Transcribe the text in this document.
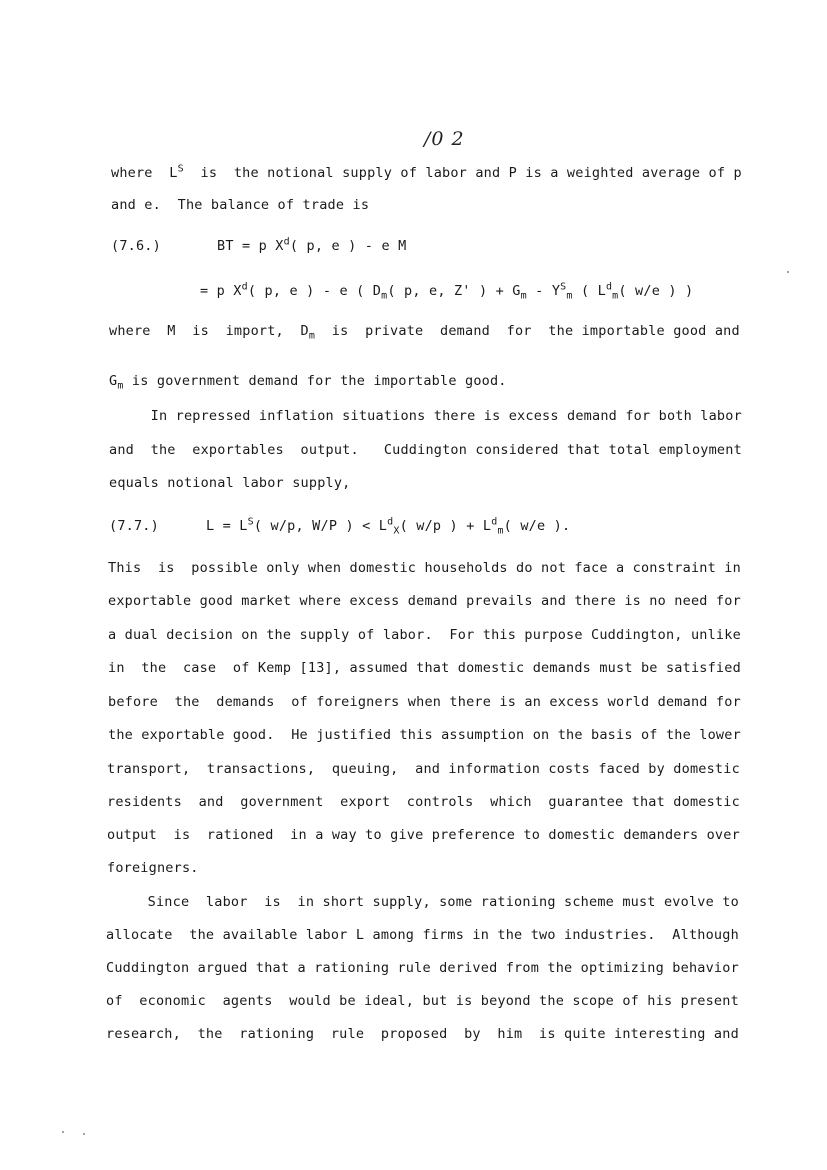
/0 2
where  $L^S$  is  the notional supply of labor and P is a weighted average of p
and e.  The balance of trade is
(7.6.)	BT = p $X^d$( p, e ) - e M
= p $X^d$( p, e ) - e ( $D_m$( p, e, Z' ) + $G_m - Y^S_m$ ( $L^d_m$( w/e ) )
where  M  is  import,  $D_m$  is  private  demand  for  the importable good and
$G_m$ is government demand for the importable good.
In repressed inflation situations there is excess demand for both labor
and  the  exportables  output.   Cuddington considered that total employment
equals notional labor supply,
(7.7.)	$L = L^S$( w/p, W/P ) < $L^d_X$( w/p ) + $L^d_m$( w/e ).
This  is  possible only when domestic households do not face a constraint in
exportable good market where excess demand prevails and there is no need for
a dual decision on the supply of labor.  For this purpose Cuddington, unlike
in  the  case  of Kemp [13], assumed that domestic demands must be satisfied
before  the  demands  of foreigners when there is an excess world demand for
the exportable good.  He justified this assumption on the basis of the lower
transport,  transactions,  queuing,  and information costs faced by domestic
residents  and  government  export  controls  which  guarantee that domestic
output  is  rationed  in a way to give preference to domestic demanders over
foreigners.
Since  labor  is  in short supply, some rationing scheme must evolve to
allocate  the available labor L among firms in the two industries.  Although
Cuddington argued that a rationing rule derived from the optimizing behavior
of  economic  agents  would be ideal, but is beyond the scope of his present
research,  the  rationing  rule  proposed  by  him  is quite interesting and
